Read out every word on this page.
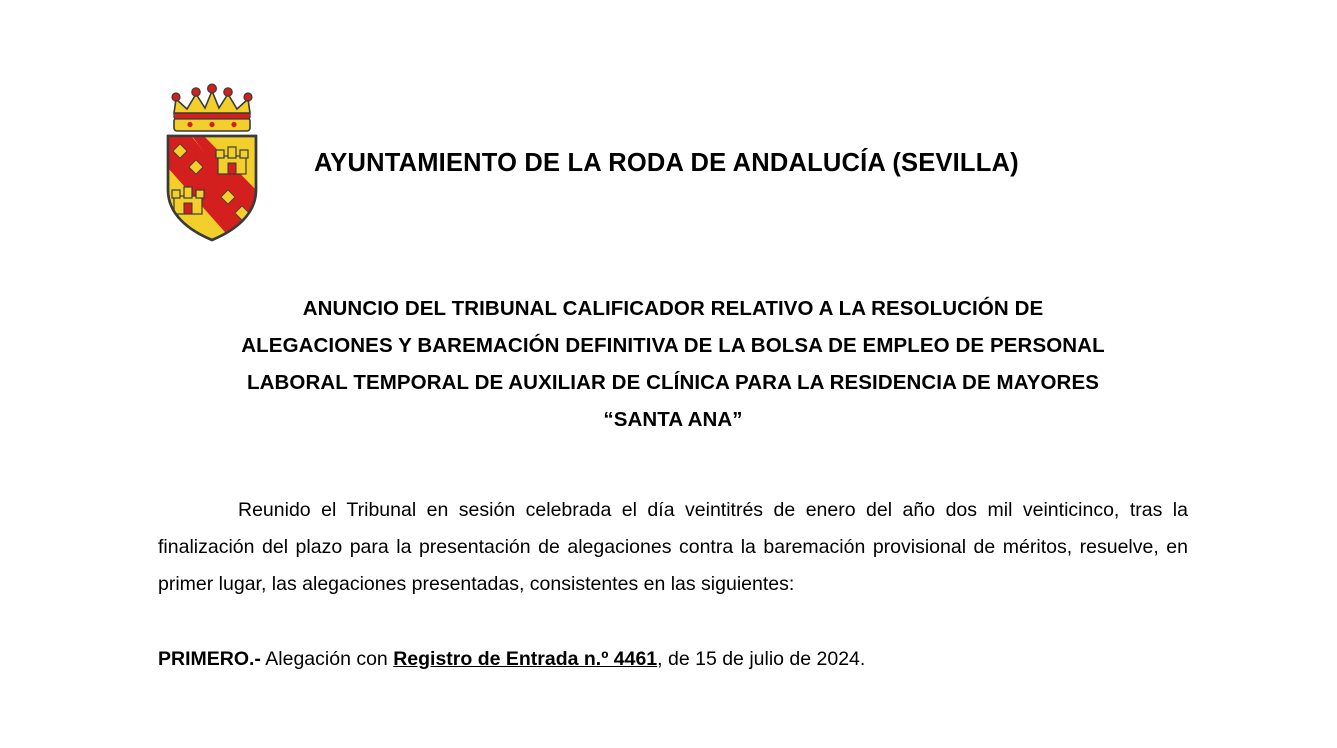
AYUNTAMIENTO DE LA RODA DE ANDALUCÍA (SEVILLA)
ANUNCIO DEL TRIBUNAL CALIFICADOR RELATIVO A LA RESOLUCIÓN DE
ALEGACIONES Y BAREMACIÓN DEFINITIVA DE LA BOLSA DE EMPLEO DE PERSONAL
LABORAL TEMPORAL DE AUXILIAR DE CLÍNICA PARA LA RESIDENCIA DE MAYORES
“SANTA ANA”

Reunido el Tribunal en sesión celebrada el día veintitrés de enero del año dos mil veinticinco, tras la finalización del plazo para la presentación de alegaciones contra la baremación provisional de méritos, resuelve, en primer lugar, las alegaciones presentadas, consistentes en las siguientes:

PRIMERO.- Alegación con Registro de Entrada n.º 4461, de 15 de julio de 2024.
